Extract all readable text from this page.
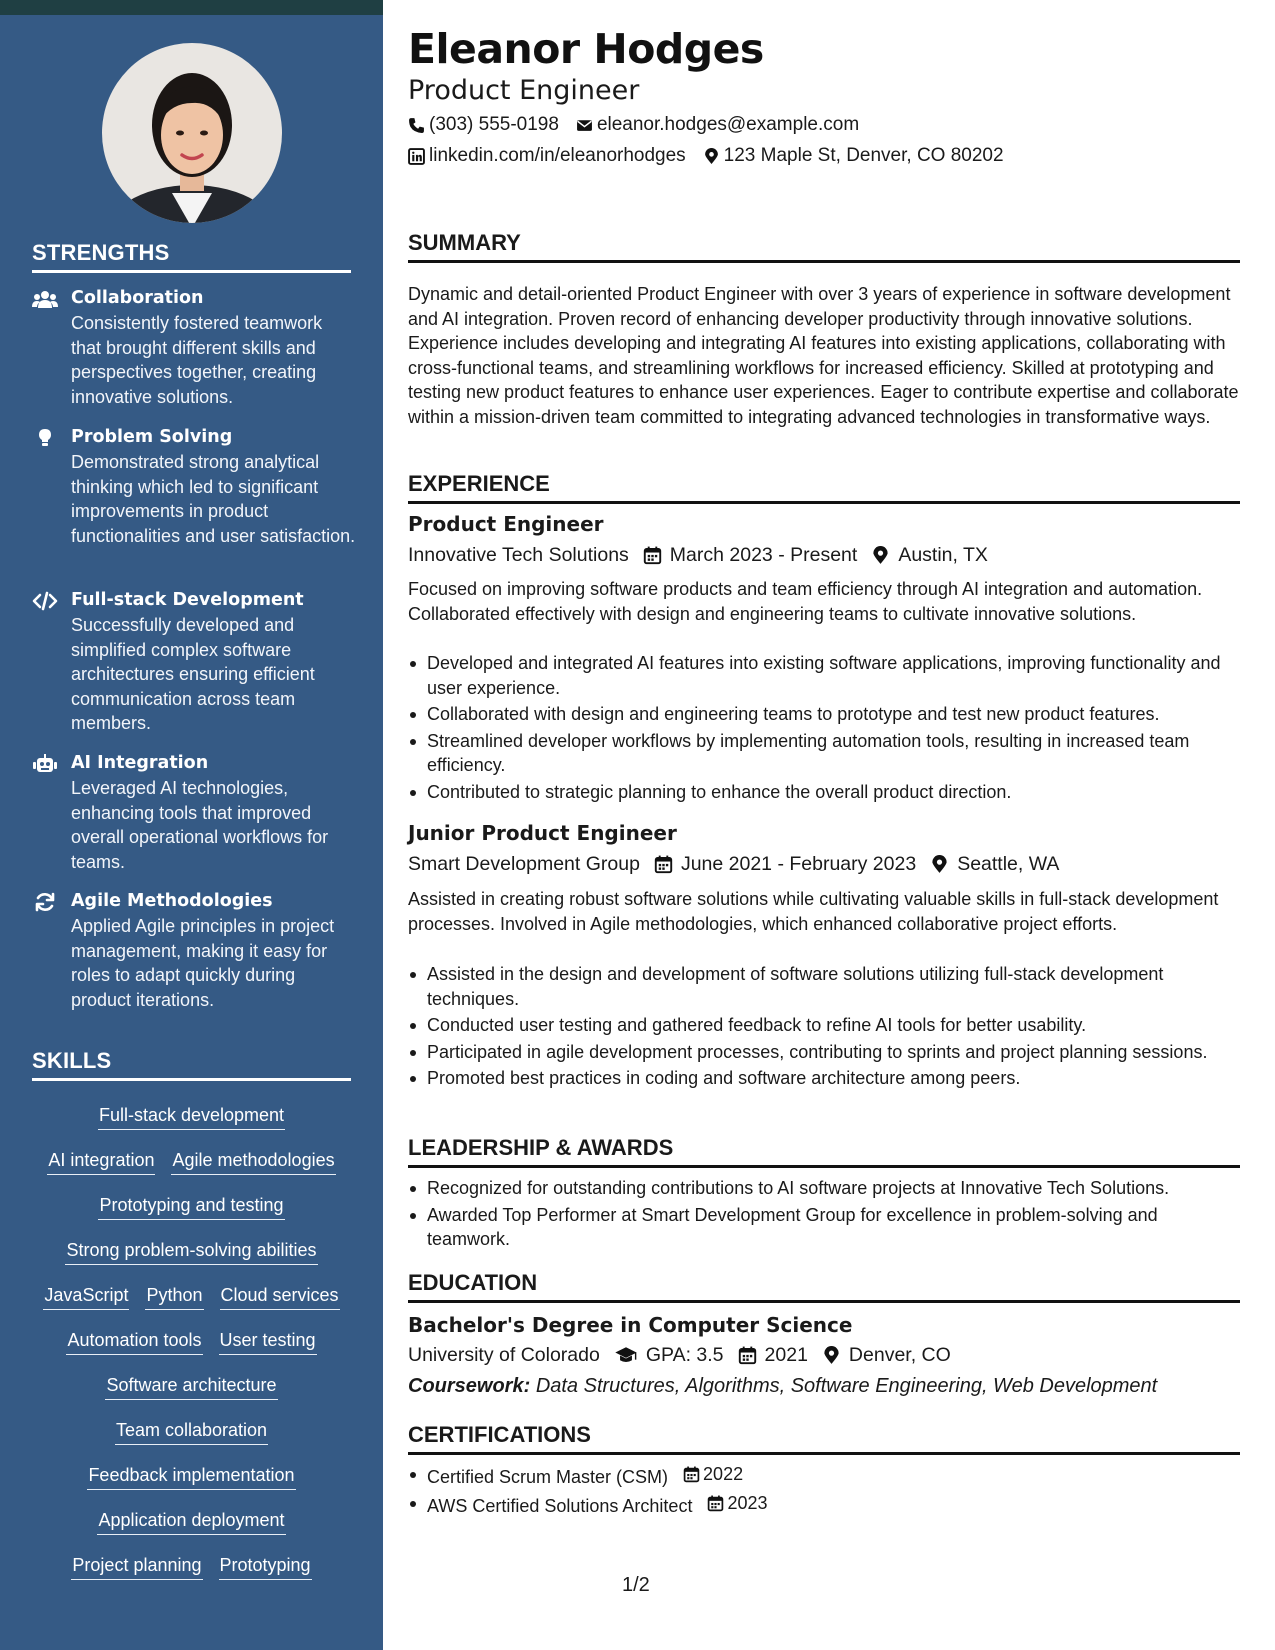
STRENGTHS
Collaboration
Consistently fostered teamwork that brought different skills and perspectives together, creating innovative solutions.
Problem Solving
Demonstrated strong analytical thinking which led to significant improvements in product functionalities and user satisfaction.
Full-stack Development
Successfully developed and simplified complex software architectures ensuring efficient communication across team members.
AI Integration
Leveraged AI technologies, enhancing tools that improved overall operational workflows for teams.
Agile Methodologies
Applied Agile principles in project management, making it easy for roles to adapt quickly during product iterations.
SKILLS
Full-stack development
AI integration Agile methodologies
Prototyping and testing
Strong problem-solving abilities
JavaScript Python Cloud services
Automation tools User testing
Software architecture
Team collaboration
Feedback implementation
Application deployment
Project planning Prototyping
Eleanor Hodges
Product Engineer
(303) 555-0198 eleanor.hodges@example.com
linkedin.com/in/eleanorhodges 123 Maple St, Denver, CO 80202
SUMMARY
Dynamic and detail-oriented Product Engineer with over 3 years of experience in software development and AI integration. Proven record of enhancing developer productivity through innovative solutions. Experience includes developing and integrating AI features into existing applications, collaborating with cross-functional teams, and streamlining workflows for increased efficiency. Skilled at prototyping and testing new product features to enhance user experiences. Eager to contribute expertise and collaborate within a mission-driven team committed to integrating advanced technologies in transformative ways.
EXPERIENCE
Product Engineer
Innovative Tech Solutions March 2023 - Present Austin, TX
Focused on improving software products and team efficiency through AI integration and automation. Collaborated effectively with design and engineering teams to cultivate innovative solutions.
Developed and integrated AI features into existing software applications, improving functionality and user experience.
Collaborated with design and engineering teams to prototype and test new product features.
Streamlined developer workflows by implementing automation tools, resulting in increased team efficiency.
Contributed to strategic planning to enhance the overall product direction.
Junior Product Engineer
Smart Development Group June 2021 - February 2023 Seattle, WA
Assisted in creating robust software solutions while cultivating valuable skills in full-stack development processes. Involved in Agile methodologies, which enhanced collaborative project efforts.
Assisted in the design and development of software solutions utilizing full-stack development techniques.
Conducted user testing and gathered feedback to refine AI tools for better usability.
Participated in agile development processes, contributing to sprints and project planning sessions.
Promoted best practices in coding and software architecture among peers.
LEADERSHIP & AWARDS
Recognized for outstanding contributions to AI software projects at Innovative Tech Solutions.
Awarded Top Performer at Smart Development Group for excellence in problem-solving and teamwork.
EDUCATION
Bachelor's Degree in Computer Science
University of Colorado GPA: 3.5 2021 Denver, CO
Coursework: Data Structures, Algorithms, Software Engineering, Web Development
CERTIFICATIONS
Certified Scrum Master (CSM) 2022
AWS Certified Solutions Architect 2023
1/2
